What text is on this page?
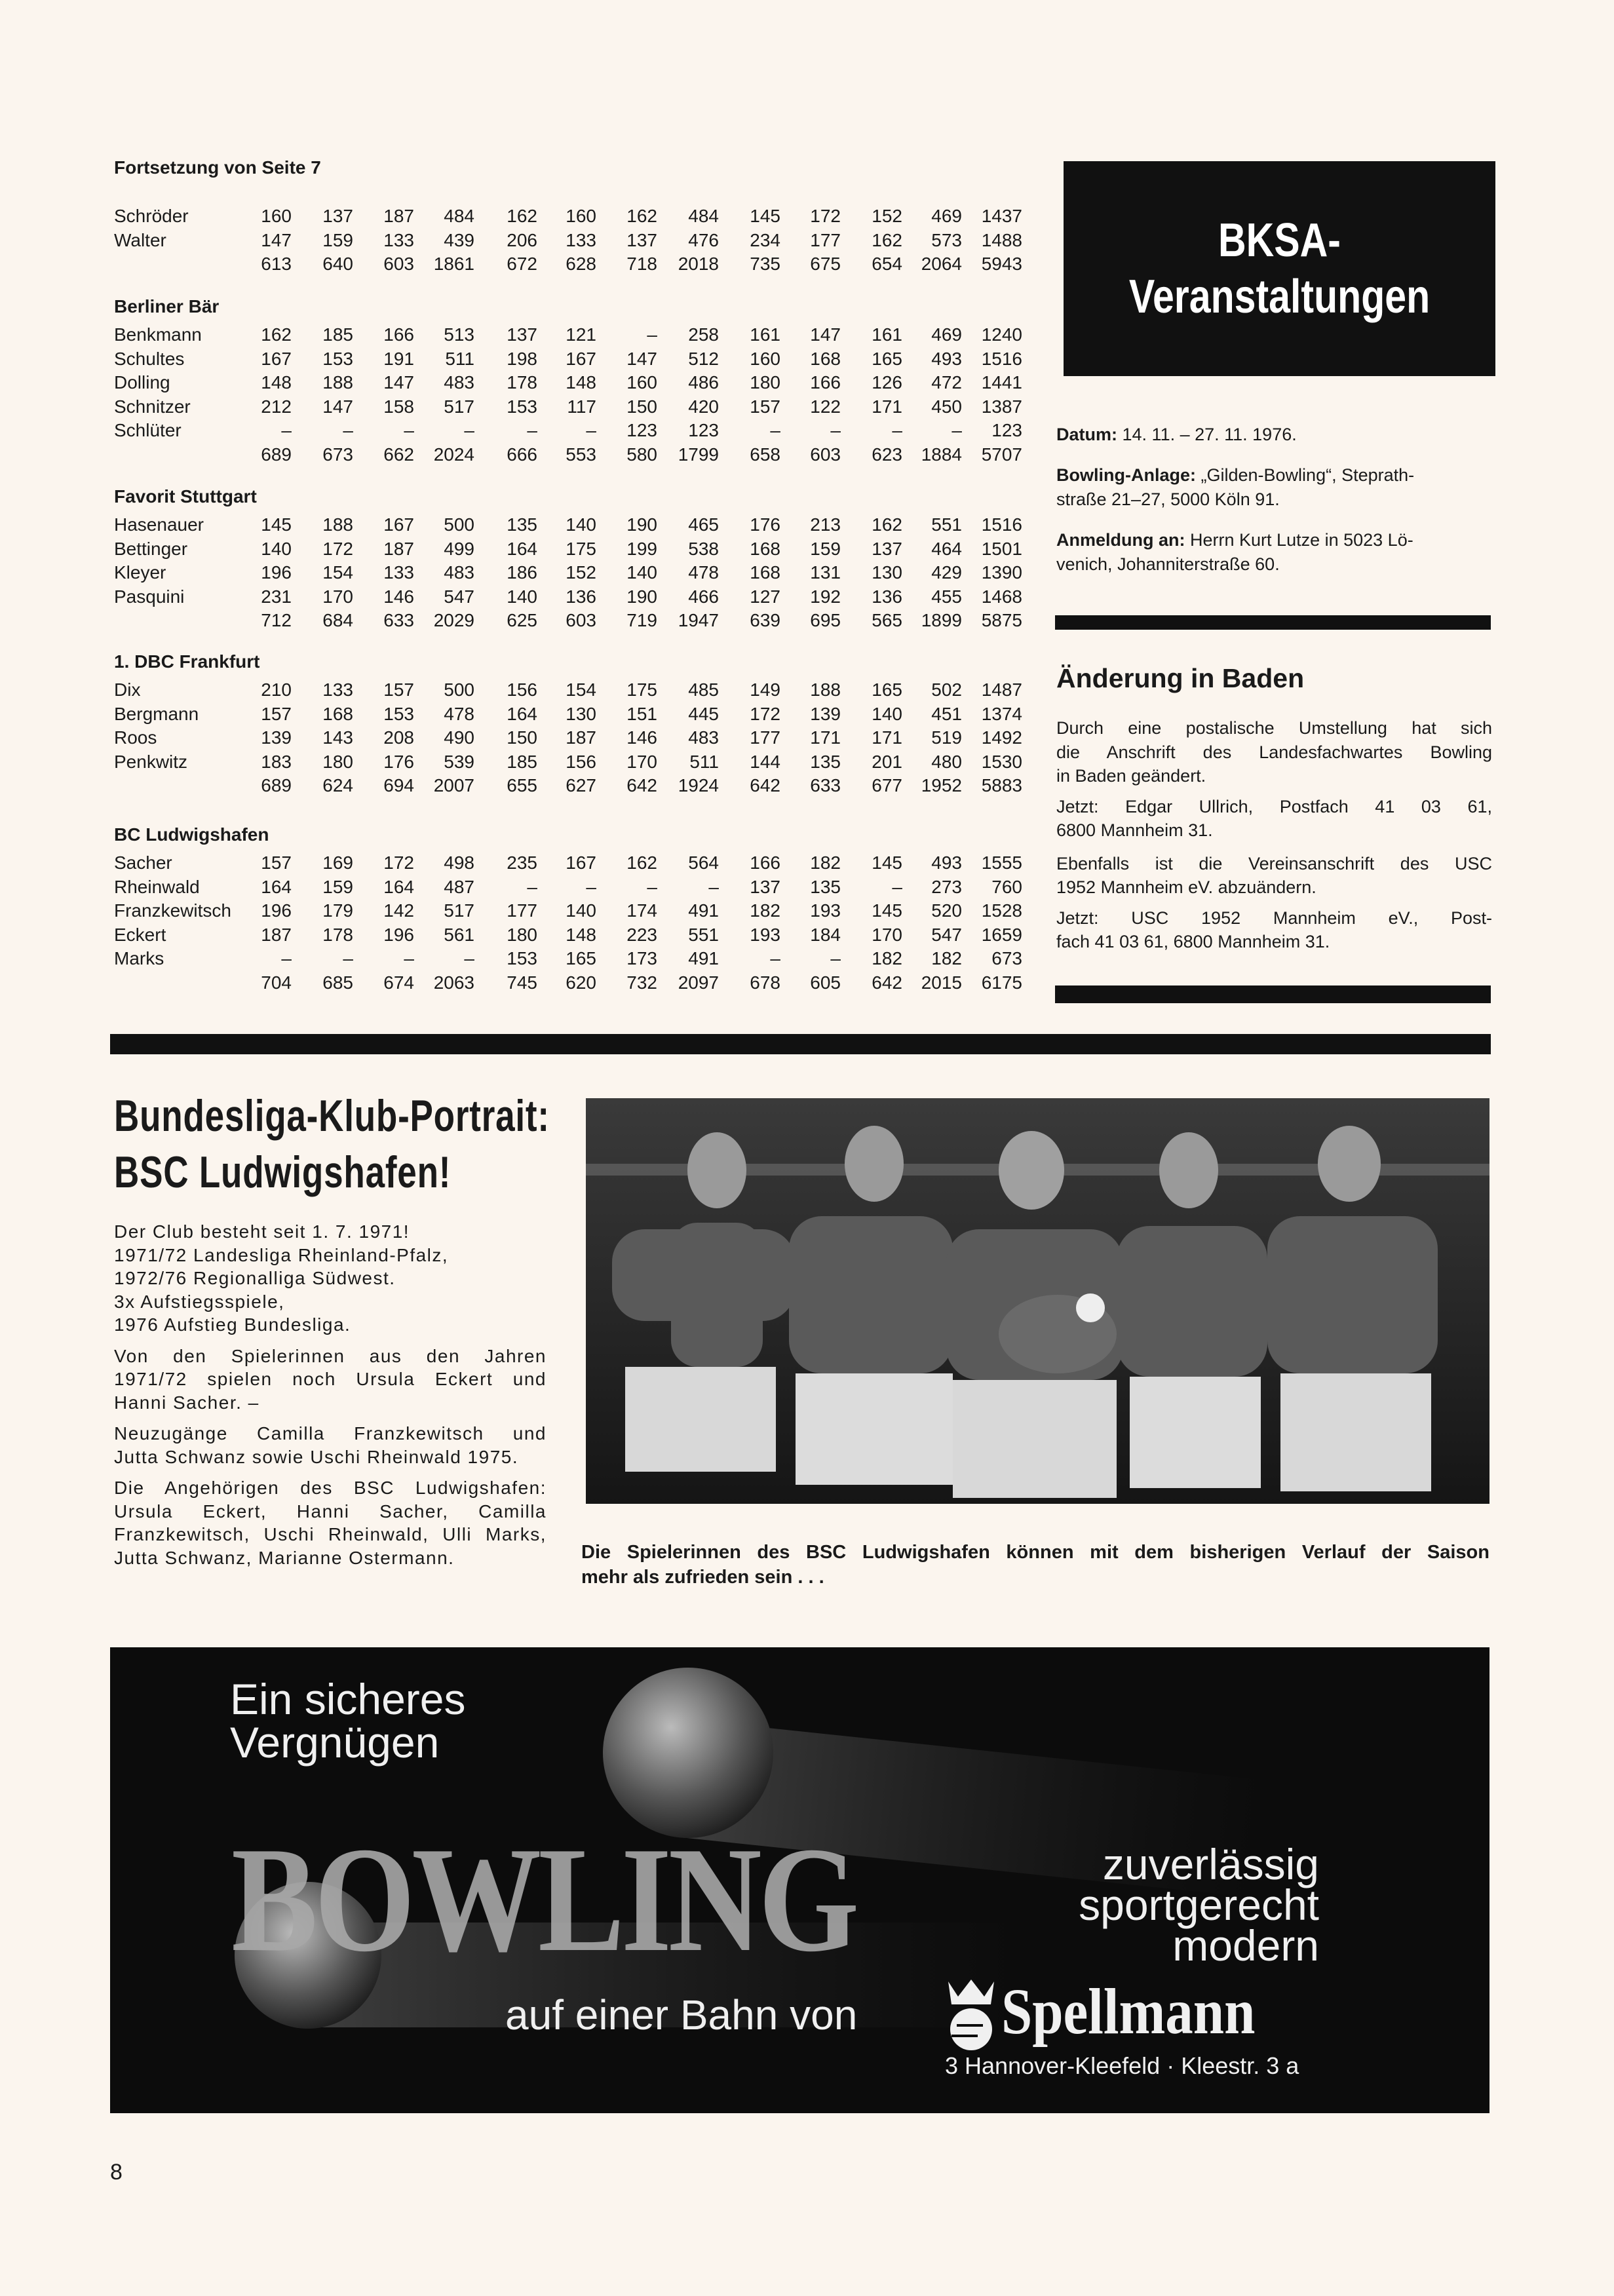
Fortsetzung von Seite 7
Schröder	160	137	187	484	162	160	162	484	145	172	152	469	1437
Walter	147	159	133	439	206	133	137	476	234	177	162	573	1488
613	640	603	1861	672	628	718	2018	735	675	654	2064	5943
Berliner Bär
Benkmann	162	185	166	513	137	121	–	258	161	147	161	469	1240
Schultes	167	153	191	511	198	167	147	512	160	168	165	493	1516
Dolling	148	188	147	483	178	148	160	486	180	166	126	472	1441
Schnitzer	212	147	158	517	153	117	150	420	157	122	171	450	1387
Schlüter	–	–	–	–	–	–	123	123	–	–	–	–	123
689	673	662	2024	666	553	580	1799	658	603	623	1884	5707
Favorit Stuttgart
Hasenauer	145	188	167	500	135	140	190	465	176	213	162	551	1516
Bettinger	140	172	187	499	164	175	199	538	168	159	137	464	1501
Kleyer	196	154	133	483	186	152	140	478	168	131	130	429	1390
Pasquini	231	170	146	547	140	136	190	466	127	192	136	455	1468
712	684	633	2029	625	603	719	1947	639	695	565	1899	5875
1. DBC Frankfurt
Dix	210	133	157	500	156	154	175	485	149	188	165	502	1487
Bergmann	157	168	153	478	164	130	151	445	172	139	140	451	1374
Roos	139	143	208	490	150	187	146	483	177	171	171	519	1492
Penkwitz	183	180	176	539	185	156	170	511	144	135	201	480	1530
689	624	694	2007	655	627	642	1924	642	633	677	1952	5883
BC Ludwigshafen
Sacher	157	169	172	498	235	167	162	564	166	182	145	493	1555
Rheinwald	164	159	164	487	–	–	–	–	137	135	–	273	760
Franzkewitsch	196	179	142	517	177	140	174	491	182	193	145	520	1528
Eckert	187	178	196	561	180	148	223	551	193	184	170	547	1659
Marks	–	–	–	–	153	165	173	491	–	–	182	182	673
704	685	674	2063	745	620	732	2097	678	605	642	2015	6175
BKSA-
Veranstaltungen
Datum: 14. 11. – 27. 11. 1976.
Bowling-Anlage: „Gilden-Bowling“, Steprath-
straße 21–27, 5000 Köln 91.
Anmeldung an: Herrn Kurt Lutze in 5023 Lö-
venich, Johanniterstraße 60.
Änderung in Baden
Durch eine postalische Umstellung hat sich
die Anschrift des Landesfachwartes Bowling
in Baden geändert.
Jetzt: Edgar Ullrich, Postfach 41 03 61,
6800 Mannheim 31.
Ebenfalls ist die Vereinsanschrift des USC
1952 Mannheim eV. abzuändern.
Jetzt: USC 1952 Mannheim eV., Post-
fach 41 03 61, 6800 Mannheim 31.
Bundesliga-Klub-Portrait:
BSC Ludwigshafen!
Der Club besteht seit 1. 7. 1971!
1971/72 Landesliga Rheinland-Pfalz,
1972/76 Regionalliga Südwest.
3x Aufstiegsspiele,
1976 Aufstieg Bundesliga.
Von den Spielerinnen aus den Jahren
1971/72 spielen noch Ursula Eckert und
Hanni Sacher. –
Neuzugänge Camilla Franzkewitsch und
Jutta Schwanz sowie Uschi Rheinwald 1975.
Die Angehörigen des BSC Ludwigshafen:
Ursula Eckert, Hanni Sacher, Camilla
Franzkewitsch, Uschi Rheinwald, Ulli Marks,
Jutta Schwanz, Marianne Ostermann.	Die Spielerinnen des BSC Ludwigshafen können mit dem bisherigen Verlauf der Saison
mehr als zufrieden sein . . .
Ein sicheres
Vergnügen
BOWLING	zuverlässig
sportgerecht
modern
auf einer Bahn von Spellmann
3 Hannover-Kleefeld · Kleestr. 3 a
8
